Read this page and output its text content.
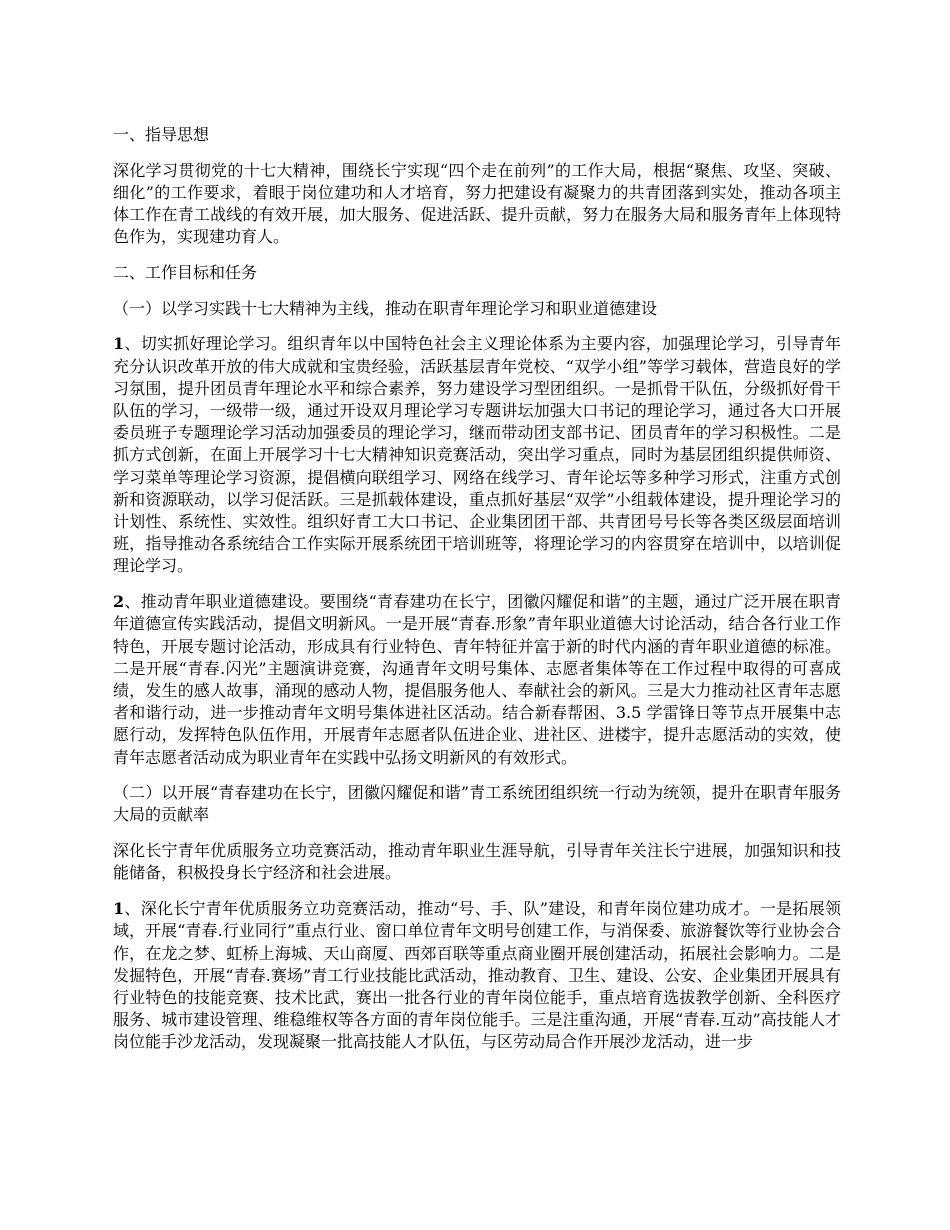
一、指导思想
深化学习贯彻党的十七大精神，围绕长宁实现“四个走在前列”的工作大局，根据“聚焦、攻坚、突破、细化”的工作要求，着眼于岗位建功和人才培育，努力把建设有凝聚力的共青团落到实处，推动各项主体工作在青工战线的有效开展，加大服务、促进活跃、提升贡献，努力在服务大局和服务青年上体现特色作为，实现建功育人。
二、工作目标和任务
（一）以学习实践十七大精神为主线，推动在职青年理论学习和职业道德建设
1、切实抓好理论学习。组织青年以中国特色社会主义理论体系为主要内容，加强理论学习，引导青年充分认识改革开放的伟大成就和宝贵经验，活跃基层青年党校、“双学小组”等学习载体，营造良好的学习氛围，提升团员青年理论水平和综合素养，努力建设学习型团组织。一是抓骨干队伍，分级抓好骨干队伍的学习，一级带一级，通过开设双月理论学习专题讲坛加强大口书记的理论学习，通过各大口开展委员班子专题理论学习活动加强委员的理论学习，继而带动团支部书记、团员青年的学习积极性。二是抓方式创新，在面上开展学习十七大精神知识竞赛活动，突出学习重点，同时为基层团组织提供师资、学习菜单等理论学习资源，提倡横向联组学习、网络在线学习、青年论坛等多种学习形式，注重方式创新和资源联动，以学习促活跃。三是抓载体建设，重点抓好基层“双学”小组载体建设，提升理论学习的计划性、系统性、实效性。组织好青工大口书记、企业集团团干部、共青团号号长等各类区级层面培训班，指导推动各系统结合工作实际开展系统团干培训班等，将理论学习的内容贯穿在培训中，以培训促理论学习。
2、推动青年职业道德建设。要围绕“青春建功在长宁，团徽闪耀促和谐”的主题，通过广泛开展在职青年道德宣传实践活动，提倡文明新风。一是开展“青春.形象”青年职业道德大讨论活动，结合各行业工作特色，开展专题讨论活动，形成具有行业特色、青年特征并富于新的时代内涵的青年职业道德的标准。二是开展“青春.闪光”主题演讲竞赛，沟通青年文明号集体、志愿者集体等在工作过程中取得的可喜成绩，发生的感人故事，涌现的感动人物，提倡服务他人、奉献社会的新风。三是大力推动社区青年志愿者和谐行动，进一步推动青年文明号集体进社区活动。结合新春帮困、3.5 学雷锋日等节点开展集中志愿行动，发挥特色队伍作用，开展青年志愿者队伍进企业、进社区、进楼宇，提升志愿活动的实效，使青年志愿者活动成为职业青年在实践中弘扬文明新风的有效形式。
（二）以开展“青春建功在长宁，团徽闪耀促和谐”青工系统团组织统一行动为统领，提升在职青年服务大局的贡献率
深化长宁青年优质服务立功竞赛活动，推动青年职业生涯导航，引导青年关注长宁进展，加强知识和技能储备，积极投身长宁经济和社会进展。
1、深化长宁青年优质服务立功竞赛活动，推动“号、手、队”建设，和青年岗位建功成才。一是拓展领域，开展“青春.行业同行”重点行业、窗口单位青年文明号创建工作，与消保委、旅游餐饮等行业协会合作，在龙之梦、虹桥上海城、天山商厦、西郊百联等重点商业圈开展创建活动，拓展社会影响力。二是发掘特色，开展“青春.赛场”青工行业技能比武活动，推动教育、卫生、建设、公安、企业集团开展具有行业特色的技能竞赛、技术比武，赛出一批各行业的青年岗位能手，重点培育选拔教学创新、全科医疗服务、城市建设管理、维稳维权等各方面的青年岗位能手。三是注重沟通，开展“青春.互动”高技能人才岗位能手沙龙活动，发现凝聚一批高技能人才队伍，与区劳动局合作开展沙龙活动，进一步
